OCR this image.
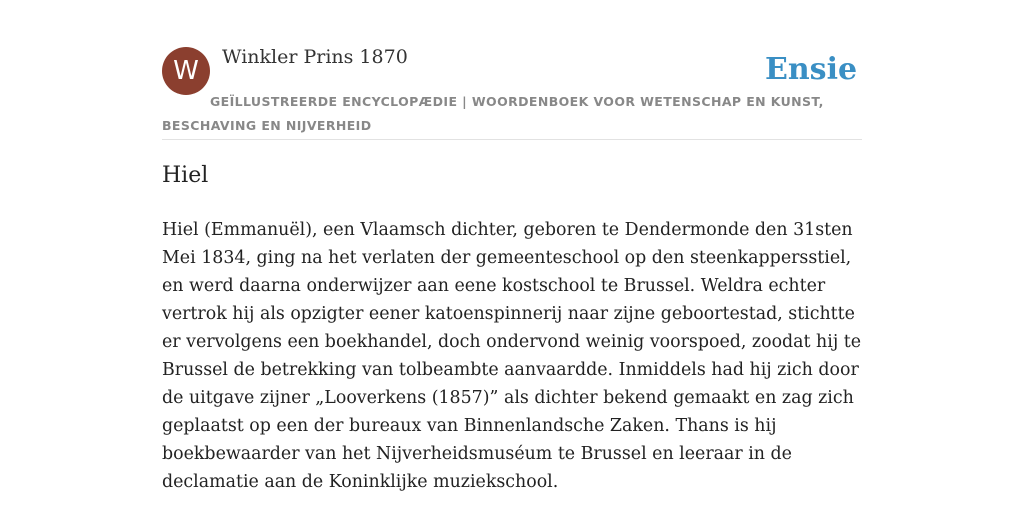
W	Winkler Prins 1870	Ensie
GEÏLLUSTREERDE ENCYCLOPÆDIE | WOORDENBOEK VOOR WETENSCHAP EN KUNST, BESCHAVING EN NIJVERHEID
Hiel

Hiel (Emmanuël), een Vlaamsch dichter, geboren te Dendermonde den 31sten Mei 1834, ging na het verlaten der gemeenteschool op den steenkappersstiel, en werd daarna onderwijzer aan eene kostschool te Brussel. Weldra echter vertrok hij als opzigter eener katoenspinnerij naar zijne geboortestad, stichtte er vervolgens een boekhandel, doch ondervond weinig voorspoed, zoodat hij te Brussel de betrekking van tolbeambte aanvaardde. Inmiddels had hij zich door de uitgave zijner „Looverkens (1857)” als dichter bekend gemaakt en zag zich geplaatst op een der bureaux van Binnenlandsche Zaken. Thans is hij boekbewaarder van het Nijverheidsmuséum te Brussel en leeraar in de declamatie aan de Koninklijke muziekschool.
